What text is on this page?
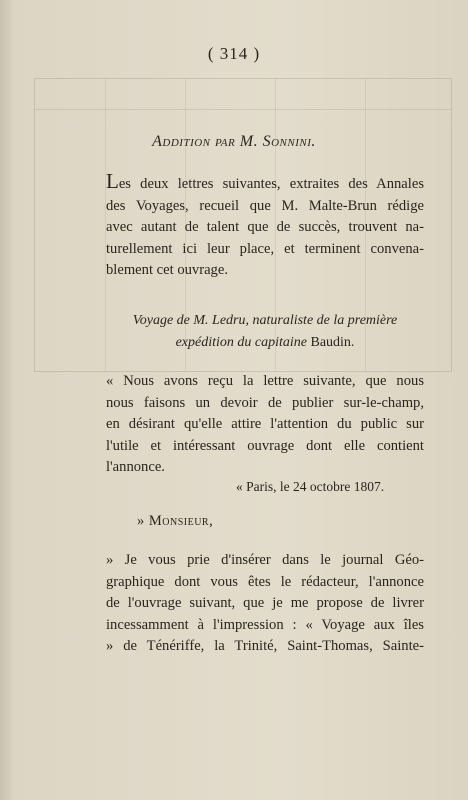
( 314 )
Addition par M. Sonnini.
Les deux lettres suivantes, extraites des Annales
des Voyages, recueil que M. Malte-Brun rédige
avec autant de talent que de succès, trouvent na-
turellement ici leur place, et terminent convena-
blement cet ouvrage.
Voyage de M. Ledru, naturaliste de la première
expédition du capitaine Baudin.
« Nous avons reçu la lettre suivante, que nous
nous faisons un devoir de publier sur-le-champ,
en désirant qu'elle attire l'attention du public sur
l'utile et intéressant ouvrage dont elle contient
l'annonce.
« Paris, le 24 octobre 1807.
» Monsieur,
» Je vous prie d'insérer dans le journal Géo-
graphique dont vous êtes le rédacteur, l'annonce
de l'ouvrage suivant, que je me propose de livrer
incessamment à l'impression : « Voyage aux îles
» de Ténériffe, la Trinité, Saint-Thomas, Sainte-
